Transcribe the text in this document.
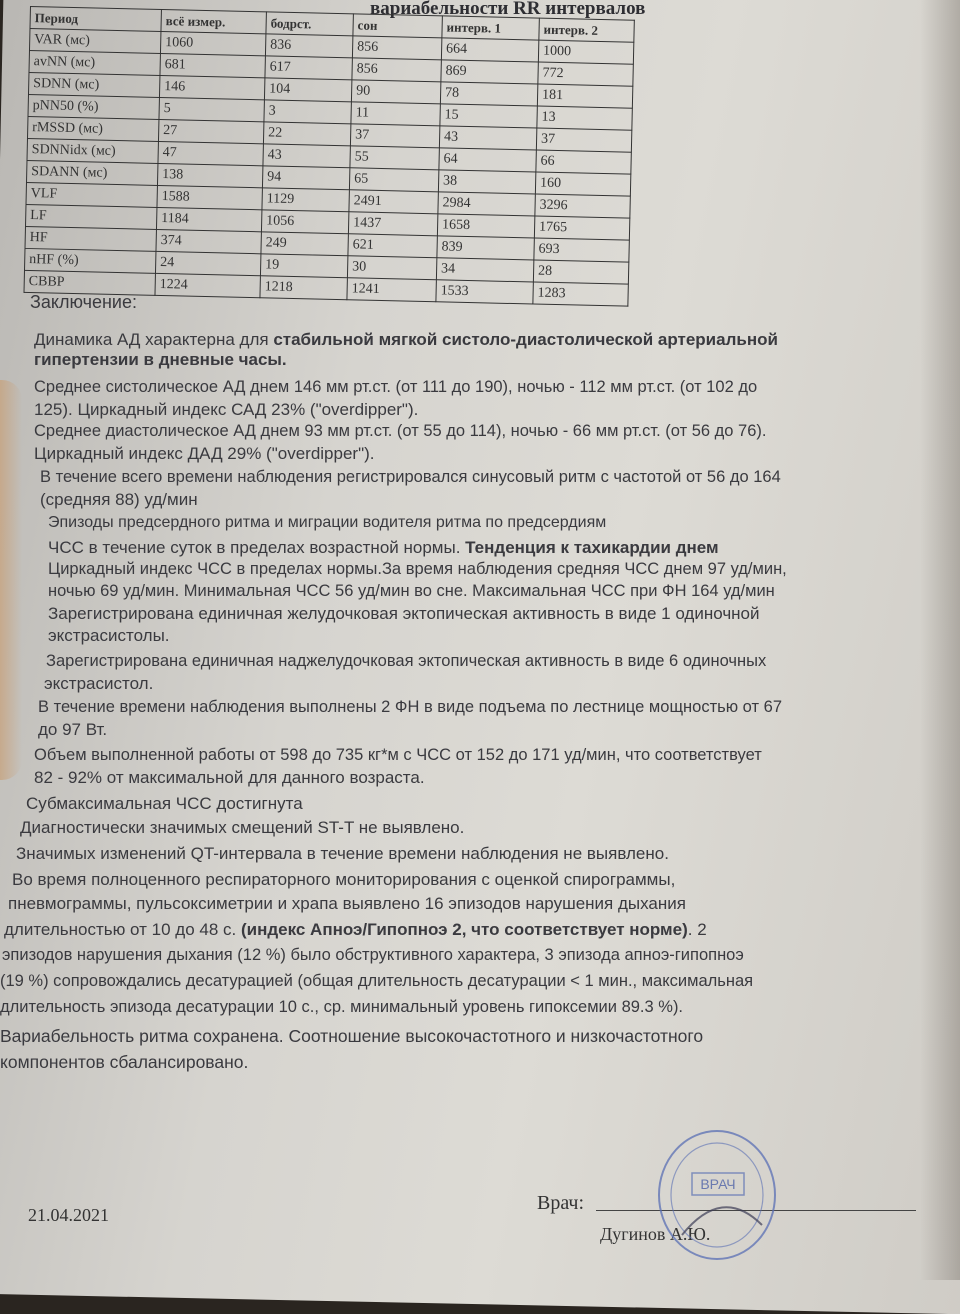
вариабельности RR интервалов
Период	всё измер.	бодрст.	сон	интерв. 1	интерв. 2
VAR (мс)	1060	836	856	664	1000
avNN (мс)	681	617	856	869	772
SDNN (мс)	146	104	90	78	181
pNN50 (%)	5	3	11	15	13
rMSSD (мс)	27	22	37	43	37
SDNNidx (мс)	47	43	55	64	66
SDANN (мс)	138	94	65	38	160
VLF	1588	1129	2491	2984	3296
LF	1184	1056	1437	1658	1765
HF	374	249	621	839	693
nHF (%)	24	19	30	34	28
СВВР	1224	1218	1241	1533	1283
Заключение:
Динамика АД характерна для стабильной мягкой систоло-диастолической артериальной
гипертензии в дневные часы.
Среднее систолическое АД днем 146 мм рт.ст. (от 111 до 190), ночью - 112 мм рт.ст. (от 102 до
125). Циркадный индекс САД 23% ("overdipper").
Среднее диастолическое АД днем 93 мм рт.ст. (от 55 до 114), ночью - 66 мм рт.ст. (от 56 до 76).
Циркадный индекс ДАД 29% ("overdipper").
В течение всего времени наблюдения регистрировался синусовый ритм с частотой от 56 до 164
(средняя 88) уд/мин
Эпизоды предсердного ритма и миграции водителя ритма по предсердиям
ЧСС в течение суток в пределах возрастной нормы. Тенденция к тахикардии днем
Циркадный индекс ЧСС в пределах нормы.За время наблюдения средняя ЧСС днем 97 уд/мин,
ночью 69 уд/мин. Минимальная ЧСС 56 уд/мин во сне. Максимальная ЧСС при ФН 164 уд/мин
Зарегистрирована единичная желудочковая эктопическая активность в виде 1 одиночной
экстрасистолы.
Зарегистрирована единичная наджелудочковая эктопическая активность в виде 6 одиночных
экстрасистол.
В течение времени наблюдения выполнены 2 ФН в виде подъема по лестнице мощностью от 67
до 97 Вт.
Объем выполненной работы от 598 до 735 кг*м с ЧСС от 152 до 171 уд/мин, что соответствует
82 - 92% от максимальной для данного возраста.
Субмаксимальная ЧСС достигнута
Диагностически значимых смещений ST-T не выявлено.
Значимых изменений QT-интервала в течение времени наблюдения не выявлено.
Во время полноценного респираторного мониторирования с оценкой спирограммы,
пневмограммы, пульсоксиметрии и храпа выявлено 16 эпизодов нарушения дыхания
длительностью от 10 до 48 с. (индекс Апноэ/Гипопноэ 2, что соответствует норме). 2
эпизодов нарушения дыхания (12 %) было обструктивного характера, 3 эпизода апноэ-гипопноэ
(19 %) сопровождались десатурацией (общая длительность десатурации < 1 мин., максимальная
длительность эпизода десатурации 10 с., ср. минимальный уровень гипоксемии 89.3 %).
Вариабельность ритма сохранена. Соотношение высокочастотного и низкочастотного
компонентов сбалансировано.
21.04.2021
Врач:
Дугинов А.Ю.
ВРАЧ
